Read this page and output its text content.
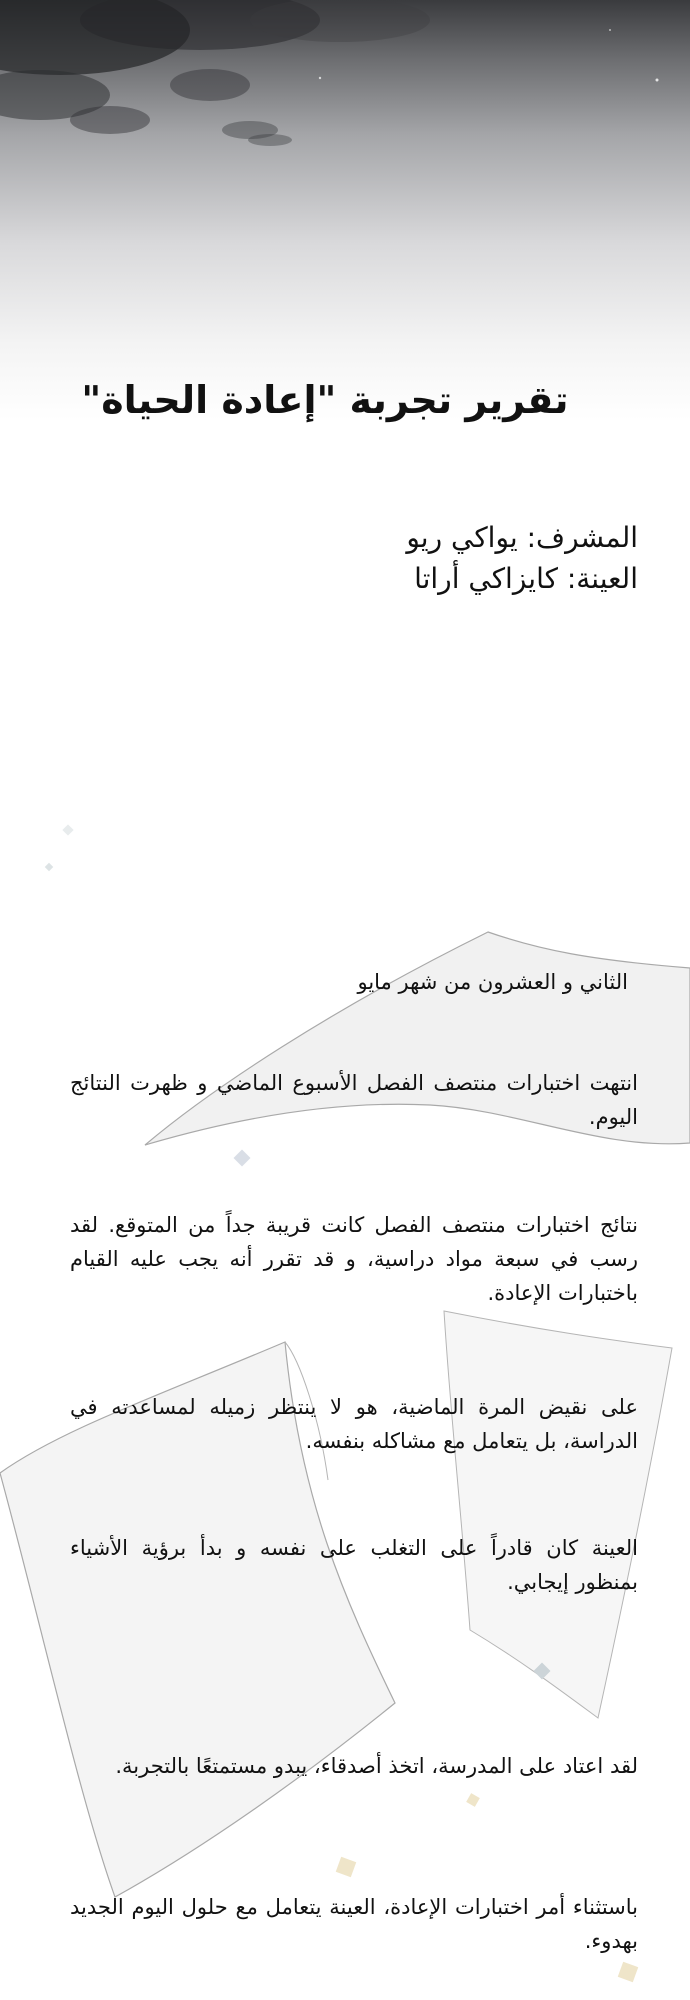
تقرير تجربة "إعادة الحياة"
المشرف: يواكي ريو
العينة: كايزاكي أراتا
الثاني و العشرون من شهر مايو
انتهت اختبارات منتصف الفصل الأسبوع الماضي و ظهرت النتائج اليوم.
نتائج اختبارات منتصف الفصل كانت قريبة جداً من المتوقع. لقد رسب في سبعة مواد دراسية، و قد تقرر أنه يجب عليه القيام باختبارات الإعادة.
على نقيض المرة الماضية، هو لا ينتظر زميله لمساعدته في الدراسة، بل يتعامل مع مشاكله بنفسه.
العينة كان قادراً على التغلب على نفسه و بدأ برؤية الأشياء بمنظور إيجابي.
لقد اعتاد على المدرسة، اتخذ أصدقاء، يبدو مستمتعًا بالتجربة.
باستثناء أمر اختبارات الإعادة، العينة يتعامل مع حلول اليوم الجديد بهدوء.
